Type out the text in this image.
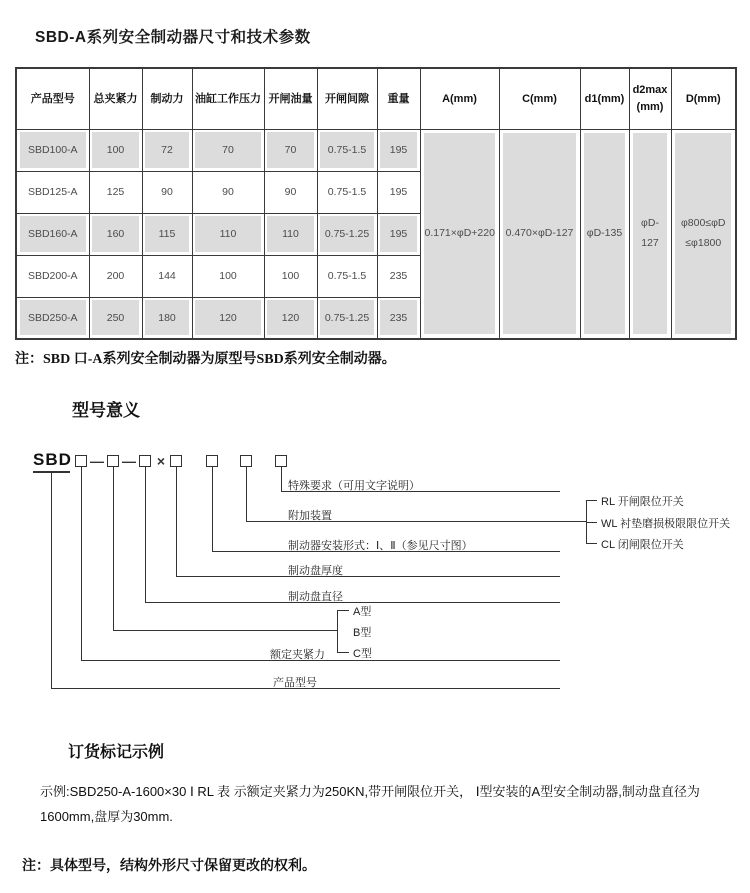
SBD-A系列安全制动器尺寸和技术参数
产品型号	总夹紧力	制动力	油缸工作压力	开闸油量	开闸间隙	重量	A(mm)	C(mm)	d1(mm)	d2max (mm)	D(mm)
SBD100-A	100	72	70	70	0.75-1.5	195	0.171×φD+220	0.470×φD-127	φD-135	φD-127	φ800≤φD ≤φ1800
SBD125-A	125	90	90	90	0.75-1.5	195					
SBD160-A	160	115	110	110	0.75-1.25	195					
SBD200-A	200	144	100	100	0.75-1.5	235					
SBD250-A	250	180	120	120	0.75-1.25	235					
注：SBD 口-A系列安全制动器为原型号SBD系列安全制动器。
型号意义
SBD — —	×
特殊要求（可用文字说明）
附加装置
制动器安装形式：Ⅰ、Ⅱ（参见尺寸图）
制动盘厚度
制动盘直径
额定夹紧力
产品型号
A型
B型
C型
RL 开闸限位开关
WL 衬垫磨损极限限位开关
CL 闭闸限位开关
订货标记示例
示例:SBD250-A-1600×30 Ⅰ RL 表 示额定夹紧力为250KN,带开闸限位开关， Ⅰ型安装的A型安全制动器,制动盘直径为1600mm,盘厚为30mm.
注：具体型号，结构外形尺寸保留更改的权利。
